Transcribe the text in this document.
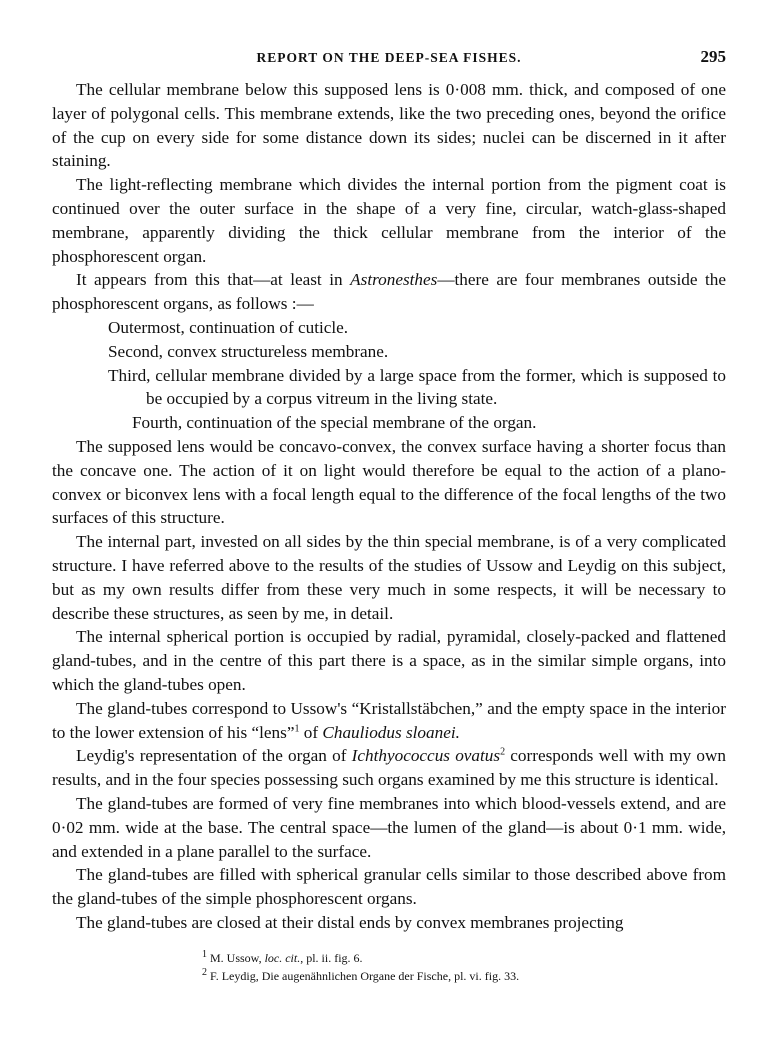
REPORT ON THE DEEP-SEA FISHES.	295

The cellular membrane below this supposed lens is 0·008 mm. thick, and composed of one layer of polygonal cells. This membrane extends, like the two preceding ones, beyond the orifice of the cup on every side for some distance down its sides; nuclei can be discerned in it after staining.

The light-reflecting membrane which divides the internal portion from the pigment coat is continued over the outer surface in the shape of a very fine, circular, watch-glass-shaped membrane, apparently dividing the thick cellular membrane from the interior of the phosphorescent organ.

It appears from this that—at least in Astronesthes—there are four membranes outside the phosphorescent organs, as follows :—

Outermost, continuation of cuticle.

Second, convex structureless membrane.

Third, cellular membrane divided by a large space from the former, which is supposed to be occupied by a corpus vitreum in the living state.

Fourth, continuation of the special membrane of the organ.

The supposed lens would be concavo-convex, the convex surface having a shorter focus than the concave one. The action of it on light would therefore be equal to the action of a plano-convex or biconvex lens with a focal length equal to the difference of the focal lengths of the two surfaces of this structure.

The internal part, invested on all sides by the thin special membrane, is of a very complicated structure. I have referred above to the results of the studies of Ussow and Leydig on this subject, but as my own results differ from these very much in some respects, it will be necessary to describe these structures, as seen by me, in detail.

The internal spherical portion is occupied by radial, pyramidal, closely-packed and flattened gland-tubes, and in the centre of this part there is a space, as in the similar simple organs, into which the gland-tubes open.

The gland-tubes correspond to Ussow's “Kristallstäbchen,” and the empty space in the interior to the lower extension of his “lens”$^1$ of Chauliodus sloanei.

Leydig's representation of the organ of Ichthyococcus ovatus$^2$ corresponds well with my own results, and in the four species possessing such organs examined by me this structure is identical.

The gland-tubes are formed of very fine membranes into which blood-vessels extend, and are 0·02 mm. wide at the base. The central space—the lumen of the gland—is about 0·1 mm. wide, and extended in a plane parallel to the surface.

The gland-tubes are filled with spherical granular cells similar to those described above from the gland-tubes of the simple phosphorescent organs.

The gland-tubes are closed at their distal ends by convex membranes projecting

$^1$ M. Ussow, loc. cit., pl. ii. fig. 6.

$^2$ F. Leydig, Die augenähnlichen Organe der Fische, pl. vi. fig. 33.
